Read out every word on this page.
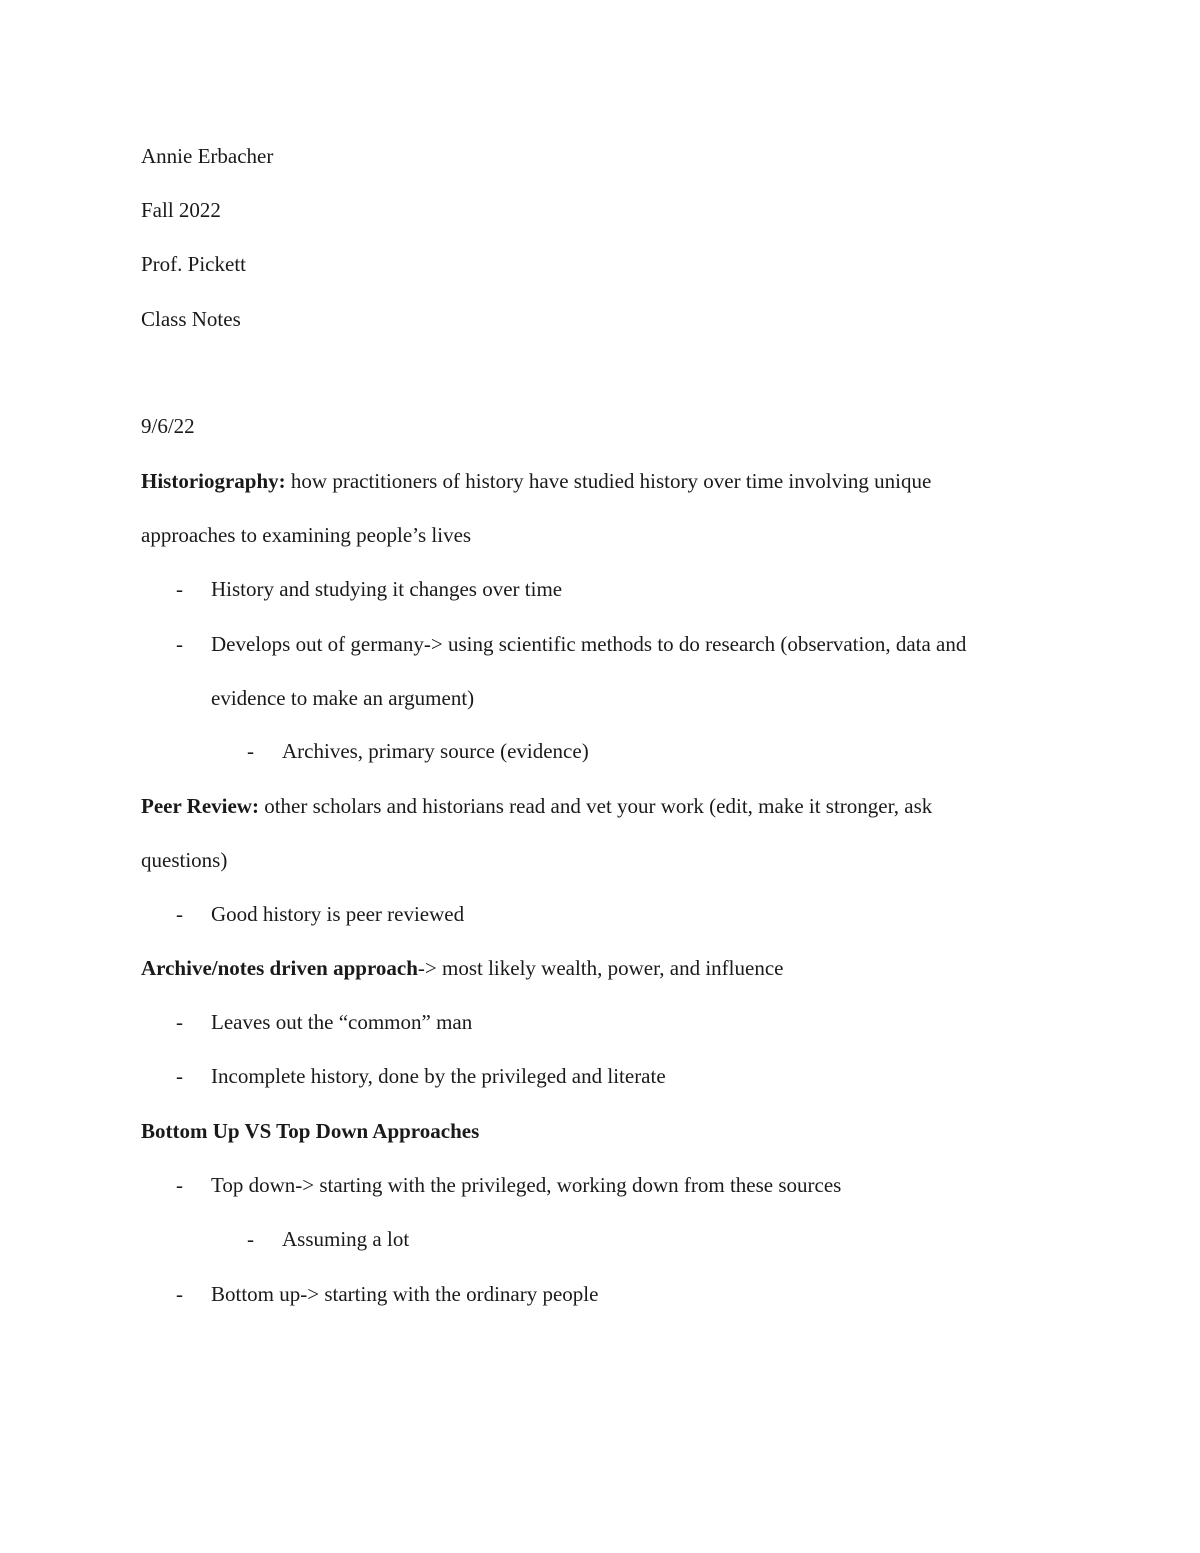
Annie Erbacher
Fall 2022
Prof. Pickett
Class Notes
9/6/22
Historiography: how practitioners of history have studied history over time involving unique
approaches to examining people’s lives
- History and studying it changes over time
- Develops out of germany-> using scientific methods to do research (observation, data and
evidence to make an argument)
- Archives, primary source (evidence)
Peer Review: other scholars and historians read and vet your work (edit, make it stronger, ask
questions)
- Good history is peer reviewed
Archive/notes driven approach-> most likely wealth, power, and influence
- Leaves out the “common” man
- Incomplete history, done by the privileged and literate
Bottom Up VS Top Down Approaches
- Top down-> starting with the privileged, working down from these sources
- Assuming a lot
- Bottom up-> starting with the ordinary people
